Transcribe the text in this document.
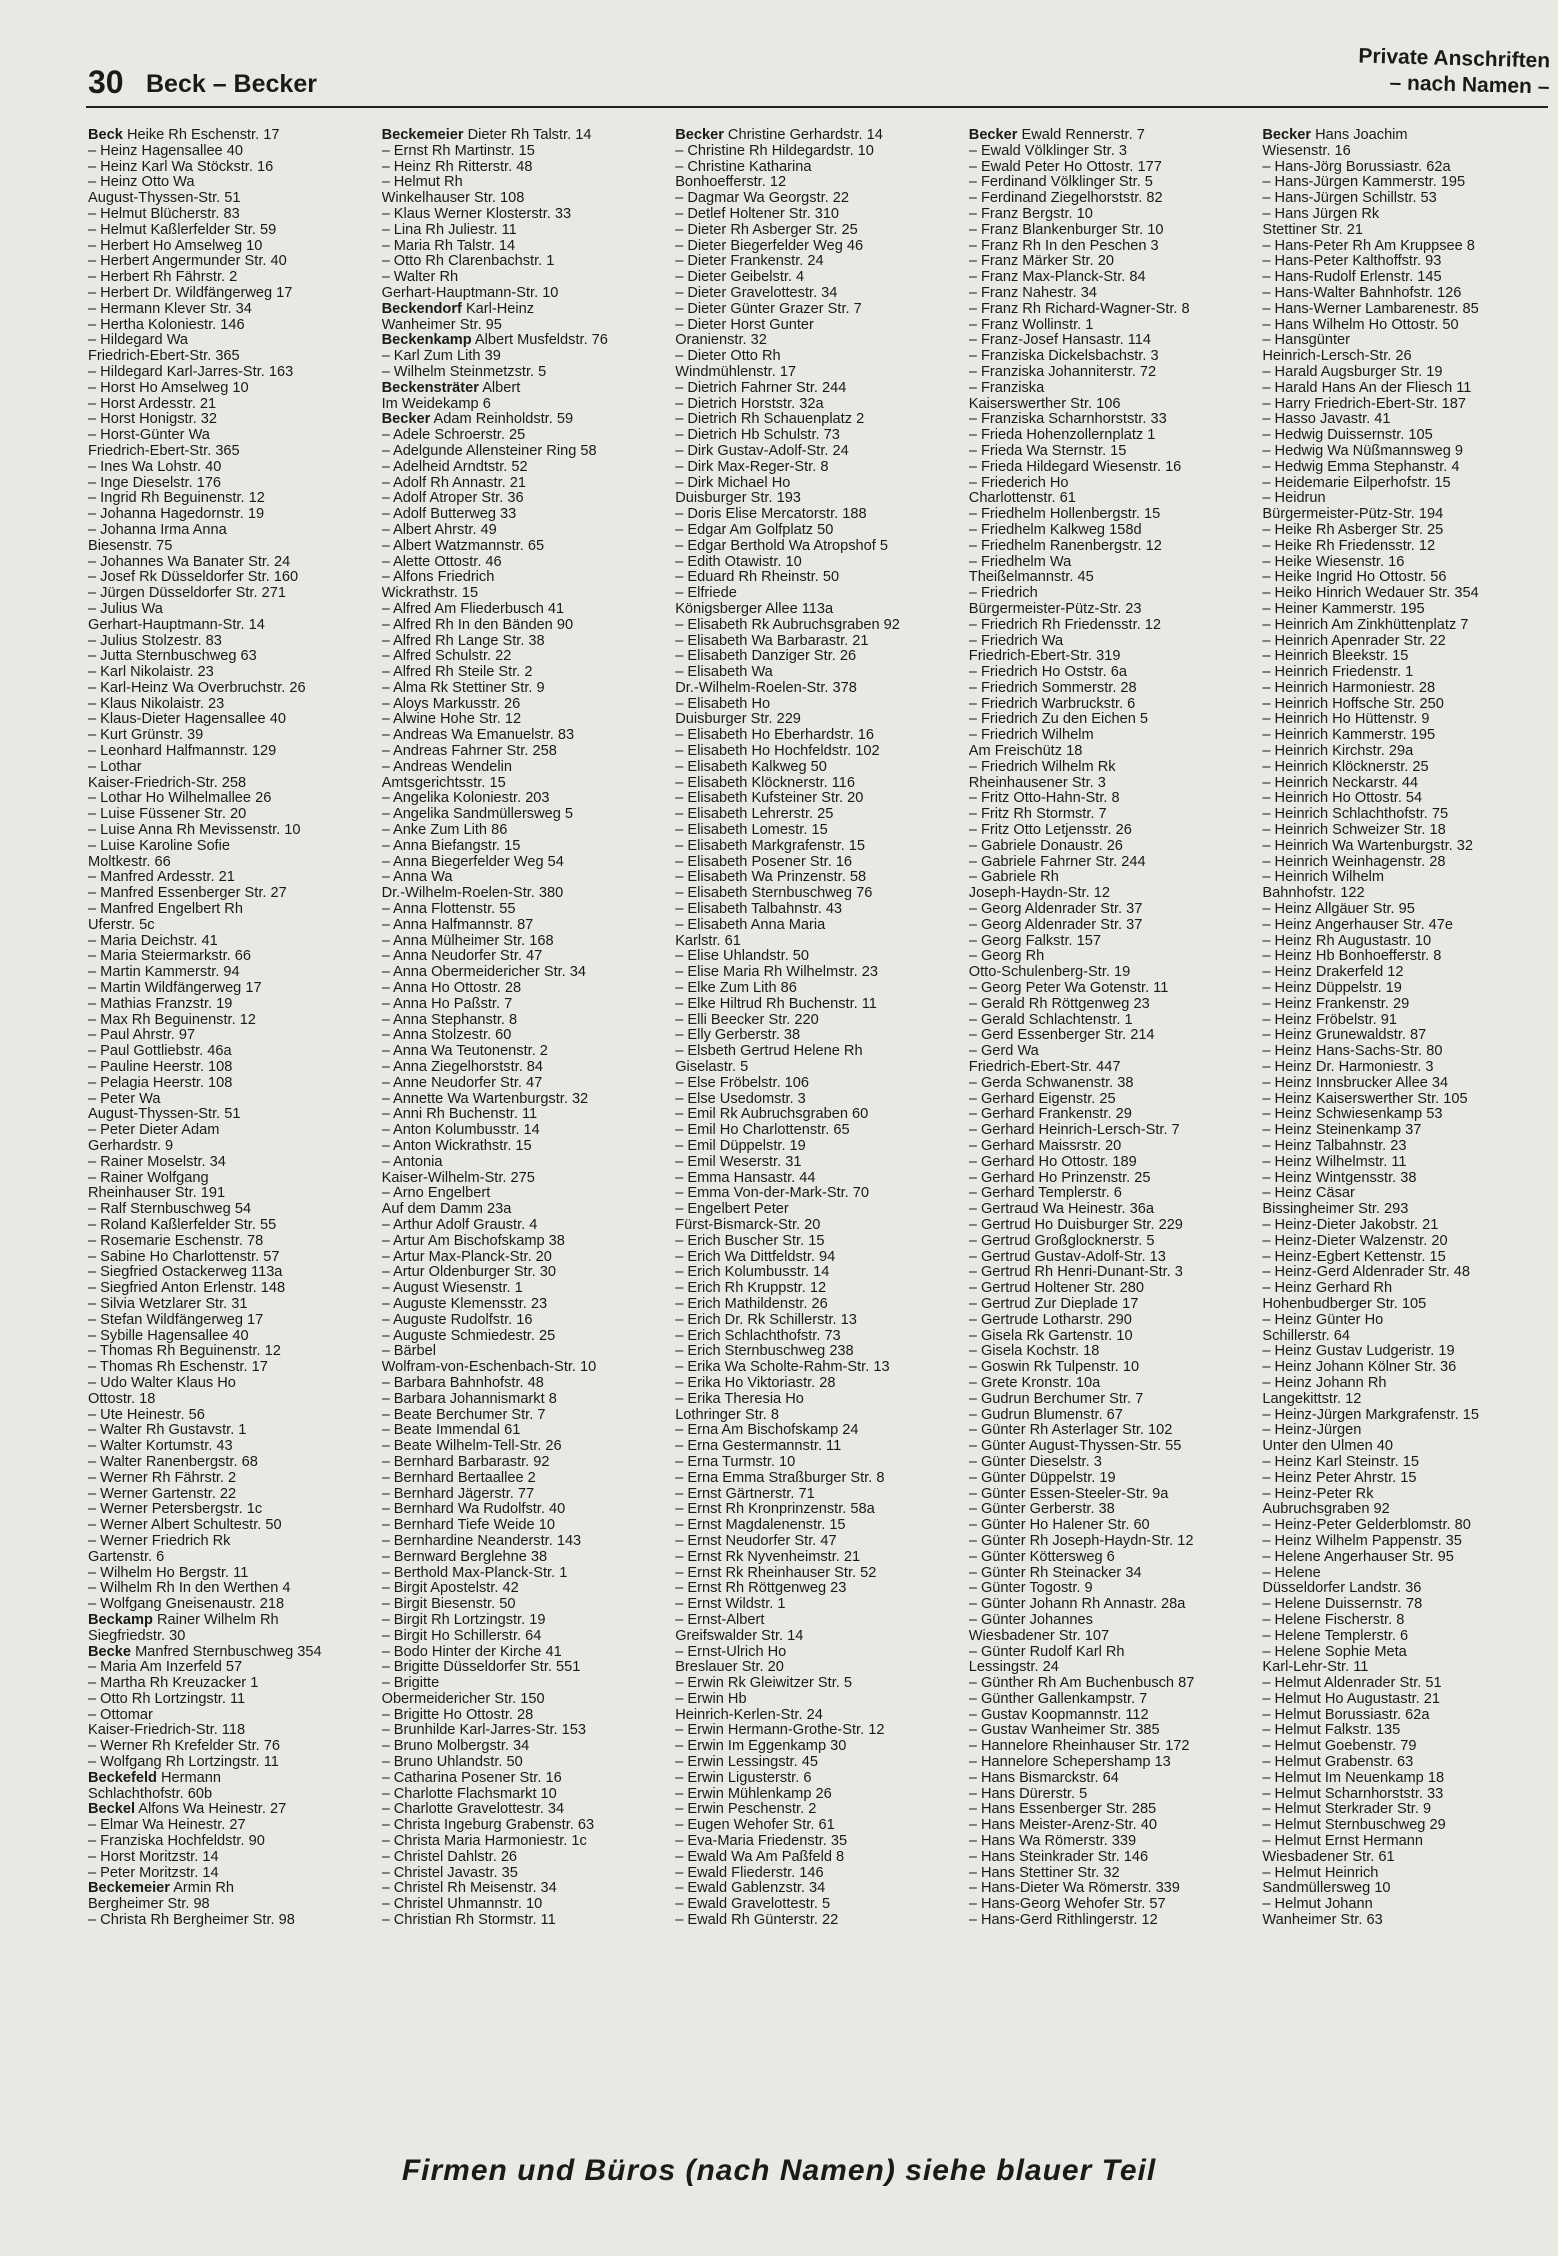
30 Beck – Becker
Private Anschriften
– nach Namen –
Beck Heike Rh Eschenstr. 17
– Heinz Hagensallee 40
– Heinz Karl Wa Stöckstr. 16
– Heinz Otto Wa
August-Thyssen-Str. 51
– Helmut Blücherstr. 83
– Helmut Kaßlerfelder Str. 59
– Herbert Ho Amselweg 10
– Herbert Angermunder Str. 40
– Herbert Rh Fährstr. 2
– Herbert Dr. Wildfängerweg 17
– Hermann Klever Str. 34
– Hertha Koloniestr. 146
– Hildegard Wa
Friedrich-Ebert-Str. 365
– Hildegard Karl-Jarres-Str. 163
– Horst Ho Amselweg 10
– Horst Ardesstr. 21
– Horst Honigstr. 32
– Horst-Günter Wa
Friedrich-Ebert-Str. 365
– Ines Wa Lohstr. 40
– Inge Dieselstr. 176
– Ingrid Rh Beguinenstr. 12
– Johanna Hagedornstr. 19
– Johanna Irma Anna
Biesenstr. 75
– Johannes Wa Banater Str. 24
– Josef Rk Düsseldorfer Str. 160
– Jürgen Düsseldorfer Str. 271
– Julius Wa
Gerhart-Hauptmann-Str. 14
– Julius Stolzestr. 83
– Jutta Sternbuschweg 63
– Karl Nikolaistr. 23
– Karl-Heinz Wa Overbruchstr. 26
– Klaus Nikolaistr. 23
– Klaus-Dieter Hagensallee 40
– Kurt Grünstr. 39
– Leonhard Halfmannstr. 129
– Lothar
Kaiser-Friedrich-Str. 258
– Lothar Ho Wilhelmallee 26
– Luise Füssener Str. 20
– Luise Anna Rh Mevissenstr. 10
– Luise Karoline Sofie
Moltkestr. 66
– Manfred Ardesstr. 21
– Manfred Essenberger Str. 27
– Manfred Engelbert Rh
Uferstr. 5c
– Maria Deichstr. 41
– Maria Steiermarkstr. 66
– Martin Kammerstr. 94
– Martin Wildfängerweg 17
– Mathias Franzstr. 19
– Max Rh Beguinenstr. 12
– Paul Ahrstr. 97
– Paul Gottliebstr. 46a
– Pauline Heerstr. 108
– Pelagia Heerstr. 108
– Peter Wa
August-Thyssen-Str. 51
– Peter Dieter Adam
Gerhardstr. 9
– Rainer Moselstr. 34
– Rainer Wolfgang
Rheinhauser Str. 191
– Ralf Sternbuschweg 54
– Roland Kaßlerfelder Str. 55
– Rosemarie Eschenstr. 78
– Sabine Ho Charlottenstr. 57
– Siegfried Ostackerweg 113a
– Siegfried Anton Erlenstr. 148
– Silvia Wetzlarer Str. 31
– Stefan Wildfängerweg 17
– Sybille Hagensallee 40
– Thomas Rh Beguinenstr. 12
– Thomas Rh Eschenstr. 17
– Udo Walter Klaus Ho
Ottostr. 18
– Ute Heinestr. 56
– Walter Rh Gustavstr. 1
– Walter Kortumstr. 43
– Walter Ranenbergstr. 68
– Werner Rh Fährstr. 2
– Werner Gartenstr. 22
– Werner Petersbergstr. 1c
– Werner Albert Schultestr. 50
– Werner Friedrich Rk
Gartenstr. 6
– Wilhelm Ho Bergstr. 11
– Wilhelm Rh In den Werthen 4
– Wolfgang Gneisenaustr. 218
Beckamp Rainer Wilhelm Rh
Siegfriedstr. 30
Becke Manfred Sternbuschweg 354
– Maria Am Inzerfeld 57
– Martha Rh Kreuzacker 1
– Otto Rh Lortzingstr. 11
– Ottomar
Kaiser-Friedrich-Str. 118
– Werner Rh Krefelder Str. 76
– Wolfgang Rh Lortzingstr. 11
Beckefeld Hermann
Schlachthofstr. 60b
Beckel Alfons Wa Heinestr. 27
– Elmar Wa Heinestr. 27
– Franziska Hochfeldstr. 90
– Horst Moritzstr. 14
– Peter Moritzstr. 14
Beckemeier Armin Rh
Bergheimer Str. 98
– Christa Rh Bergheimer Str. 98
Beckemeier Dieter Rh Talstr. 14
– Ernst Rh Martinstr. 15
– Heinz Rh Ritterstr. 48
– Helmut Rh
Winkelhauser Str. 108
– Klaus Werner Klosterstr. 33
– Lina Rh Juliestr. 11
– Maria Rh Talstr. 14
– Otto Rh Clarenbachstr. 1
– Walter Rh
Gerhart-Hauptmann-Str. 10
Beckendorf Karl-Heinz
Wanheimer Str. 95
Beckenkamp Albert Musfeldstr. 76
– Karl Zum Lith 39
– Wilhelm Steinmetzstr. 5
Beckensträter Albert
Im Weidekamp 6
Becker Adam Reinholdstr. 59
– Adele Schroerstr. 25
– Adelgunde Allensteiner Ring 58
– Adelheid Arndtstr. 52
– Adolf Rh Annastr. 21
– Adolf Atroper Str. 36
– Adolf Butterweg 33
– Albert Ahrstr. 49
– Albert Watzmannstr. 65
– Alette Ottostr. 46
– Alfons Friedrich
Wickrathstr. 15
– Alfred Am Fliederbusch 41
– Alfred Rh In den Bänden 90
– Alfred Rh Lange Str. 38
– Alfred Schulstr. 22
– Alfred Rh Steile Str. 2
– Alma Rk Stettiner Str. 9
– Aloys Markusstr. 26
– Alwine Hohe Str. 12
– Andreas Wa Emanuelstr. 83
– Andreas Fahrner Str. 258
– Andreas Wendelin
Amtsgerichtsstr. 15
– Angelika Koloniestr. 203
– Angelika Sandmüllersweg 5
– Anke Zum Lith 86
– Anna Biefangstr. 15
– Anna Biegerfelder Weg 54
– Anna Wa
Dr.-Wilhelm-Roelen-Str. 380
– Anna Flottenstr. 55
– Anna Halfmannstr. 87
– Anna Mülheimer Str. 168
– Anna Neudorfer Str. 47
– Anna Obermeidericher Str. 34
– Anna Ho Ottostr. 28
– Anna Ho Paßstr. 7
– Anna Stephanstr. 8
– Anna Stolzestr. 60
– Anna Wa Teutonenstr. 2
– Anna Ziegelhorststr. 84
– Anne Neudorfer Str. 47
– Annette Wa Wartenburgstr. 32
– Anni Rh Buchenstr. 11
– Anton Kolumbusstr. 14
– Anton Wickrathstr. 15
– Antonia
Kaiser-Wilhelm-Str. 275
– Arno Engelbert
Auf dem Damm 23a
– Arthur Adolf Graustr. 4
– Artur Am Bischofskamp 38
– Artur Max-Planck-Str. 20
– Artur Oldenburger Str. 30
– August Wiesenstr. 1
– Auguste Klemensstr. 23
– Auguste Rudolfstr. 16
– Auguste Schmiedestr. 25
– Bärbel
Wolfram-von-Eschenbach-Str. 10
– Barbara Bahnhofstr. 48
– Barbara Johannismarkt 8
– Beate Berchumer Str. 7
– Beate Immendal 61
– Beate Wilhelm-Tell-Str. 26
– Bernhard Barbarastr. 92
– Bernhard Bertaallee 2
– Bernhard Jägerstr. 77
– Bernhard Wa Rudolfstr. 40
– Bernhard Tiefe Weide 10
– Bernhardine Neanderstr. 143
– Bernward Berglehne 38
– Berthold Max-Planck-Str. 1
– Birgit Apostelstr. 42
– Birgit Biesenstr. 50
– Birgit Rh Lortzingstr. 19
– Birgit Ho Schillerstr. 64
– Bodo Hinter der Kirche 41
– Brigitte Düsseldorfer Str. 551
– Brigitte
Obermeidericher Str. 150
– Brigitte Ho Ottostr. 28
– Brunhilde Karl-Jarres-Str. 153
– Bruno Molbergstr. 34
– Bruno Uhlandstr. 50
– Catharina Posener Str. 16
– Charlotte Flachsmarkt 10
– Charlotte Gravelottestr. 34
– Christa Ingeburg Grabenstr. 63
– Christa Maria Harmoniestr. 1c
– Christel Dahlstr. 26
– Christel Javastr. 35
– Christel Rh Meisenstr. 34
– Christel Uhmannstr. 10
– Christian Rh Stormstr. 11
Becker Christine Gerhardstr. 14
– Christine Rh Hildegardstr. 10
– Christine Katharina
Bonhoefferstr. 12
– Dagmar Wa Georgstr. 22
– Detlef Holtener Str. 310
– Dieter Rh Asberger Str. 25
– Dieter Biegerfelder Weg 46
– Dieter Frankenstr. 24
– Dieter Geibelstr. 4
– Dieter Gravelottestr. 34
– Dieter Günter Grazer Str. 7
– Dieter Horst Gunter
Oranienstr. 32
– Dieter Otto Rh
Windmühlenstr. 17
– Dietrich Fahrner Str. 244
– Dietrich Horststr. 32a
– Dietrich Rh Schauenplatz 2
– Dietrich Hb Schulstr. 73
– Dirk Gustav-Adolf-Str. 24
– Dirk Max-Reger-Str. 8
– Dirk Michael Ho
Duisburger Str. 193
– Doris Elise Mercatorstr. 188
– Edgar Am Golfplatz 50
– Edgar Berthold Wa Atropshof 5
– Edith Otawistr. 10
– Eduard Rh Rheinstr. 50
– Elfriede
Königsberger Allee 113a
– Elisabeth Rk Aubruchsgraben 92
– Elisabeth Wa Barbarastr. 21
– Elisabeth Danziger Str. 26
– Elisabeth Wa
Dr.-Wilhelm-Roelen-Str. 378
– Elisabeth Ho
Duisburger Str. 229
– Elisabeth Ho Eberhardstr. 16
– Elisabeth Ho Hochfeldstr. 102
– Elisabeth Kalkweg 50
– Elisabeth Klöcknerstr. 116
– Elisabeth Kufsteiner Str. 20
– Elisabeth Lehrerstr. 25
– Elisabeth Lomestr. 15
– Elisabeth Markgrafenstr. 15
– Elisabeth Posener Str. 16
– Elisabeth Wa Prinzenstr. 58
– Elisabeth Sternbuschweg 76
– Elisabeth Talbahnstr. 43
– Elisabeth Anna Maria
Karlstr. 61
– Elise Uhlandstr. 50
– Elise Maria Rh Wilhelmstr. 23
– Elke Zum Lith 86
– Elke Hiltrud Rh Buchenstr. 11
– Elli Beecker Str. 220
– Elly Gerberstr. 38
– Elsbeth Gertrud Helene Rh
Giselastr. 5
– Else Fröbelstr. 106
– Else Usedomstr. 3
– Emil Rk Aubruchsgraben 60
– Emil Ho Charlottenstr. 65
– Emil Düppelstr. 19
– Emil Weserstr. 31
– Emma Hansastr. 44
– Emma Von-der-Mark-Str. 70
– Engelbert Peter
Fürst-Bismarck-Str. 20
– Erich Buscher Str. 15
– Erich Wa Dittfeldstr. 94
– Erich Kolumbusstr. 14
– Erich Rh Kruppstr. 12
– Erich Mathildenstr. 26
– Erich Dr. Rk Schillerstr. 13
– Erich Schlachthofstr. 73
– Erich Sternbuschweg 238
– Erika Wa Scholte-Rahm-Str. 13
– Erika Ho Viktoriastr. 28
– Erika Theresia Ho
Lothringer Str. 8
– Erna Am Bischofskamp 24
– Erna Gestermannstr. 11
– Erna Turmstr. 10
– Erna Emma Straßburger Str. 8
– Ernst Gärtnerstr. 71
– Ernst Rh Kronprinzenstr. 58a
– Ernst Magdalenenstr. 15
– Ernst Neudorfer Str. 47
– Ernst Rk Nyvenheimstr. 21
– Ernst Rk Rheinhauser Str. 52
– Ernst Rh Röttgenweg 23
– Ernst Wildstr. 1
– Ernst-Albert
Greifswalder Str. 14
– Ernst-Ulrich Ho
Breslauer Str. 20
– Erwin Rk Gleiwitzer Str. 5
– Erwin Hb
Heinrich-Kerlen-Str. 24
– Erwin Hermann-Grothe-Str. 12
– Erwin Im Eggenkamp 30
– Erwin Lessingstr. 45
– Erwin Ligusterstr. 6
– Erwin Mühlenkamp 26
– Erwin Peschenstr. 2
– Eugen Wehofer Str. 61
– Eva-Maria Friedenstr. 35
– Ewald Wa Am Paßfeld 8
– Ewald Fliederstr. 146
– Ewald Gablenzstr. 34
– Ewald Gravelottestr. 5
– Ewald Rh Günterstr. 22
Becker Ewald Rennerstr. 7
– Ewald Völklinger Str. 3
– Ewald Peter Ho Ottostr. 177
– Ferdinand Völklinger Str. 5
– Ferdinand Ziegelhorststr. 82
– Franz Bergstr. 10
– Franz Blankenburger Str. 10
– Franz Rh In den Peschen 3
– Franz Märker Str. 20
– Franz Max-Planck-Str. 84
– Franz Nahestr. 34
– Franz Rh Richard-Wagner-Str. 8
– Franz Wollinstr. 1
– Franz-Josef Hansastr. 114
– Franziska Dickelsbachstr. 3
– Franziska Johanniterstr. 72
– Franziska
Kaiserswerther Str. 106
– Franziska Scharnhorststr. 33
– Frieda Hohenzollernplatz 1
– Frieda Wa Sternstr. 15
– Frieda Hildegard Wiesenstr. 16
– Friederich Ho
Charlottenstr. 61
– Friedhelm Hollenbergstr. 15
– Friedhelm Kalkweg 158d
– Friedhelm Ranenbergstr. 12
– Friedhelm Wa
Theißelmannstr. 45
– Friedrich
Bürgermeister-Pütz-Str. 23
– Friedrich Rh Friedensstr. 12
– Friedrich Wa
Friedrich-Ebert-Str. 319
– Friedrich Ho Oststr. 6a
– Friedrich Sommerstr. 28
– Friedrich Warbruckstr. 6
– Friedrich Zu den Eichen 5
– Friedrich Wilhelm
Am Freischütz 18
– Friedrich Wilhelm Rk
Rheinhausener Str. 3
– Fritz Otto-Hahn-Str. 8
– Fritz Rh Stormstr. 7
– Fritz Otto Letjensstr. 26
– Gabriele Donaustr. 26
– Gabriele Fahrner Str. 244
– Gabriele Rh
Joseph-Haydn-Str. 12
– Georg Aldenrader Str. 37
– Georg Aldenrader Str. 37
– Georg Falkstr. 157
– Georg Rh
Otto-Schulenberg-Str. 19
– Georg Peter Wa Gotenstr. 11
– Gerald Rh Röttgenweg 23
– Gerald Schlachtenstr. 1
– Gerd Essenberger Str. 214
– Gerd Wa
Friedrich-Ebert-Str. 447
– Gerda Schwanenstr. 38
– Gerhard Eigenstr. 25
– Gerhard Frankenstr. 29
– Gerhard Heinrich-Lersch-Str. 7
– Gerhard Maissrstr. 20
– Gerhard Ho Ottostr. 189
– Gerhard Ho Prinzenstr. 25
– Gerhard Templerstr. 6
– Gertraud Wa Heinestr. 36a
– Gertrud Ho Duisburger Str. 229
– Gertrud Großglocknerstr. 5
– Gertrud Gustav-Adolf-Str. 13
– Gertrud Rh Henri-Dunant-Str. 3
– Gertrud Holtener Str. 280
– Gertrud Zur Dieplade 17
– Gertrude Lotharstr. 290
– Gisela Rk Gartenstr. 10
– Gisela Kochstr. 18
– Goswin Rk Tulpenstr. 10
– Grete Kronstr. 10a
– Gudrun Berchumer Str. 7
– Gudrun Blumenstr. 67
– Günter Rh Asterlager Str. 102
– Günter August-Thyssen-Str. 55
– Günter Dieselstr. 3
– Günter Düppelstr. 19
– Günter Essen-Steeler-Str. 9a
– Günter Gerberstr. 38
– Günter Ho Halener Str. 60
– Günter Rh Joseph-Haydn-Str. 12
– Günter Köttersweg 6
– Günter Rh Steinacker 34
– Günter Togostr. 9
– Günter Johann Rh Annastr. 28a
– Günter Johannes
Wiesbadener Str. 107
– Günter Rudolf Karl Rh
Lessingstr. 24
– Günther Rh Am Buchenbusch 87
– Günther Gallenkampstr. 7
– Gustav Koopmannstr. 112
– Gustav Wanheimer Str. 385
– Hannelore Rheinhauser Str. 172
– Hannelore Schepershamp 13
– Hans Bismarckstr. 64
– Hans Dürerstr. 5
– Hans Essenberger Str. 285
– Hans Meister-Arenz-Str. 40
– Hans Wa Römerstr. 339
– Hans Steinkrader Str. 146
– Hans Stettiner Str. 32
– Hans-Dieter Wa Römerstr. 339
– Hans-Georg Wehofer Str. 57
– Hans-Gerd Rithlingerstr. 12
Becker Hans Joachim
Wiesenstr. 16
– Hans-Jörg Borussiastr. 62a
– Hans-Jürgen Kammerstr. 195
– Hans-Jürgen Schillstr. 53
– Hans Jürgen Rk
Stettiner Str. 21
– Hans-Peter Rh Am Kruppsee 8
– Hans-Peter Kalthoffstr. 93
– Hans-Rudolf Erlenstr. 145
– Hans-Walter Bahnhofstr. 126
– Hans-Werner Lambarenestr. 85
– Hans Wilhelm Ho Ottostr. 50
– Hansgünter
Heinrich-Lersch-Str. 26
– Harald Augsburger Str. 19
– Harald Hans An der Fliesch 11
– Harry Friedrich-Ebert-Str. 187
– Hasso Javastr. 41
– Hedwig Duissernstr. 105
– Hedwig Wa Nüßmannsweg 9
– Hedwig Emma Stephanstr. 4
– Heidemarie Eilperhofstr. 15
– Heidrun
Bürgermeister-Pütz-Str. 194
– Heike Rh Asberger Str. 25
– Heike Rh Friedensstr. 12
– Heike Wiesenstr. 16
– Heike Ingrid Ho Ottostr. 56
– Heiko Hinrich Wedauer Str. 354
– Heiner Kammerstr. 195
– Heinrich Am Zinkhüttenplatz 7
– Heinrich Apenrader Str. 22
– Heinrich Bleekstr. 15
– Heinrich Friedenstr. 1
– Heinrich Harmoniestr. 28
– Heinrich Hoffsche Str. 250
– Heinrich Ho Hüttenstr. 9
– Heinrich Kammerstr. 195
– Heinrich Kirchstr. 29a
– Heinrich Klöcknerstr. 25
– Heinrich Neckarstr. 44
– Heinrich Ho Ottostr. 54
– Heinrich Schlachthofstr. 75
– Heinrich Schweizer Str. 18
– Heinrich Wa Wartenburgstr. 32
– Heinrich Weinhagenstr. 28
– Heinrich Wilhelm
Bahnhofstr. 122
– Heinz Allgäuer Str. 95
– Heinz Angerhauser Str. 47e
– Heinz Rh Augustastr. 10
– Heinz Hb Bonhoefferstr. 8
– Heinz Drakerfeld 12
– Heinz Düppelstr. 19
– Heinz Frankenstr. 29
– Heinz Fröbelstr. 91
– Heinz Grunewaldstr. 87
– Heinz Hans-Sachs-Str. 80
– Heinz Dr. Harmoniestr. 3
– Heinz Innsbrucker Allee 34
– Heinz Kaiserswerther Str. 105
– Heinz Schwiesenkamp 53
– Heinz Steinenkamp 37
– Heinz Talbahnstr. 23
– Heinz Wilhelmstr. 11
– Heinz Wintgensstr. 38
– Heinz Cäsar
Bissingheimer Str. 293
– Heinz-Dieter Jakobstr. 21
– Heinz-Dieter Walzenstr. 20
– Heinz-Egbert Kettenstr. 15
– Heinz-Gerd Aldenrader Str. 48
– Heinz Gerhard Rh
Hohenbudberger Str. 105
– Heinz Günter Ho
Schillerstr. 64
– Heinz Gustav Ludgeristr. 19
– Heinz Johann Kölner Str. 36
– Heinz Johann Rh
Langekittstr. 12
– Heinz-Jürgen Markgrafenstr. 15
– Heinz-Jürgen
Unter den Ulmen 40
– Heinz Karl Steinstr. 15
– Heinz Peter Ahrstr. 15
– Heinz-Peter Rk
Aubruchsgraben 92
– Heinz-Peter Gelderblomstr. 80
– Heinz Wilhelm Pappenstr. 35
– Helene Angerhauser Str. 95
– Helene
Düsseldorfer Landstr. 36
– Helene Duissernstr. 78
– Helene Fischerstr. 8
– Helene Templerstr. 6
– Helene Sophie Meta
Karl-Lehr-Str. 11
– Helmut Aldenrader Str. 51
– Helmut Ho Augustastr. 21
– Helmut Borussiastr. 62a
– Helmut Falkstr. 135
– Helmut Goebenstr. 79
– Helmut Grabenstr. 63
– Helmut Im Neuenkamp 18
– Helmut Scharnhorststr. 33
– Helmut Sterkrader Str. 9
– Helmut Sternbuschweg 29
– Helmut Ernst Hermann
Wiesbadener Str. 61
– Helmut Heinrich
Sandmüllersweg 10
– Helmut Johann
Wanheimer Str. 63
Firmen und Büros (nach Namen) siehe blauer Teil
